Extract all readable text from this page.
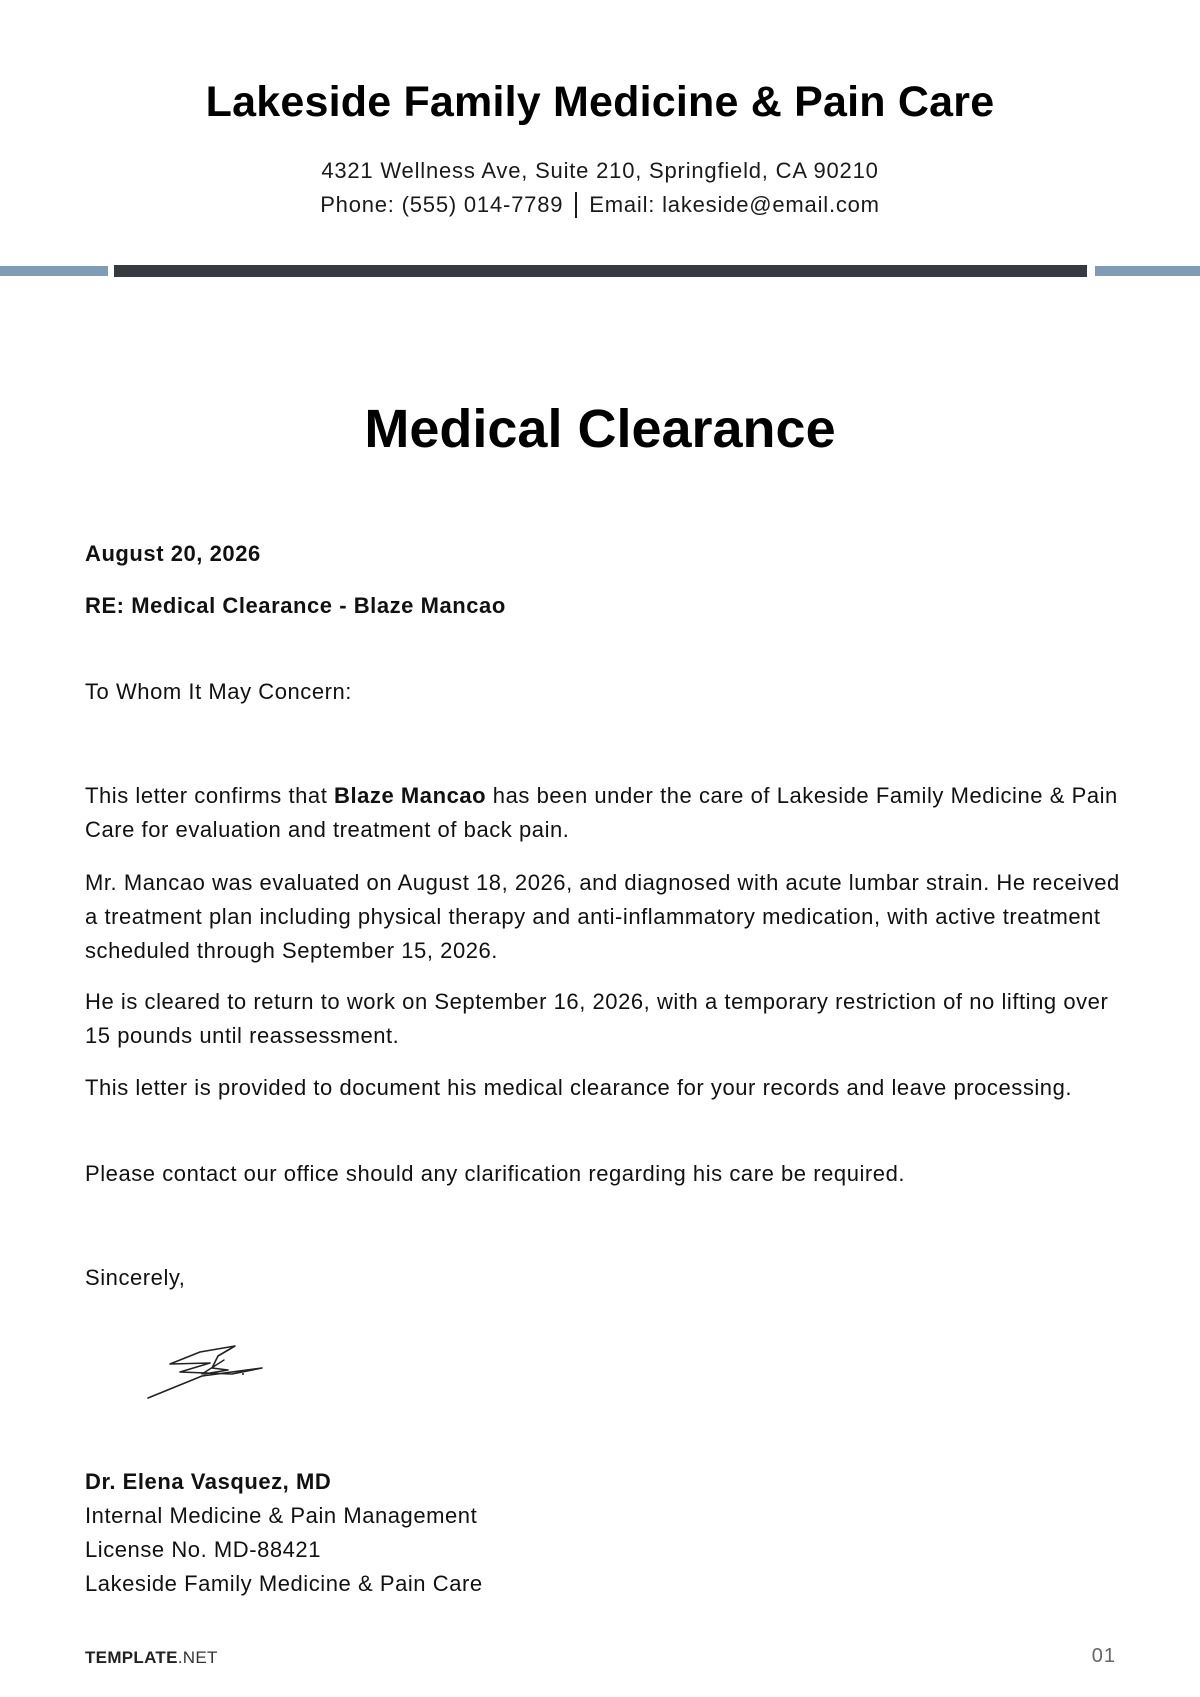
Lakeside Family Medicine & Pain Care
4321 Wellness Ave, Suite 210, Springfield, CA 90210
Phone: (555) 014-7789 Email: lakeside@email.com
Medical Clearance
August 20, 2026
RE: Medical Clearance - Blaze Mancao
To Whom It May Concern:
This letter confirms that Blaze Mancao has been under the care of Lakeside Family Medicine & Pain Care for evaluation and treatment of back pain.
Mr. Mancao was evaluated on August 18, 2026, and diagnosed with acute lumbar strain. He received a treatment plan including physical therapy and anti-inflammatory medication, with active treatment scheduled through September 15, 2026.
He is cleared to return to work on September 16, 2026, with a temporary restriction of no lifting over 15 pounds until reassessment.
This letter is provided to document his medical clearance for your records and leave processing.
Please contact our office should any clarification regarding his care be required.
Sincerely,
Dr. Elena Vasquez, MD
Internal Medicine & Pain Management
License No. MD-88421
Lakeside Family Medicine & Pain Care
TEMPLATE.NET	01
